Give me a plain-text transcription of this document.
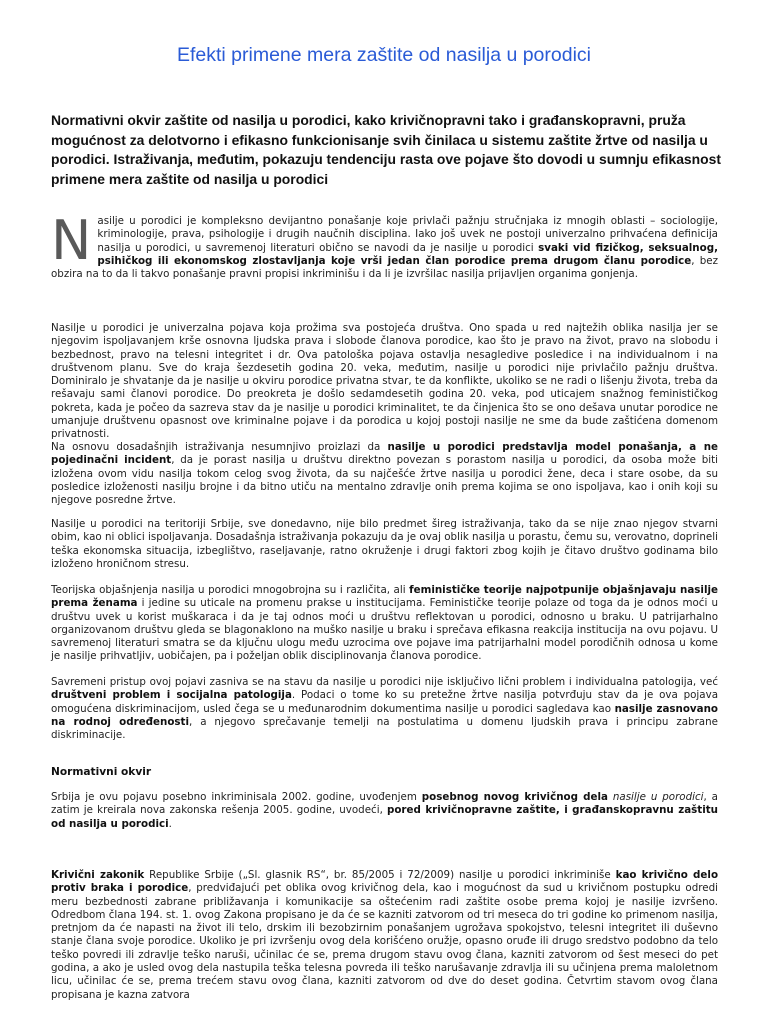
Efekti primene mera zaštite od nasilja u porodici

Normativni okvir zaštite od nasilja u porodici, kako krivičnopravni tako i građanskopravni, pruža mogućnost za delotvorno i efikasno funkcionisanje svih činilaca u sistemu zaštite žrtve od nasilja u porodici. Istraživanja, međutim, pokazuju tendenciju rasta ove pojave što dovodi u sumnju efikasnost primene mera zaštite od nasilja u porodici

Nasilje u porodici je kompleksno devijantno ponašanje koje privlači pažnju stručnjaka iz mnogih oblasti – sociologije, kriminologije, prava, psihologije i drugih naučnih disciplina. Iako još uvek ne postoji univerzalno prihvaćena definicija nasilja u porodici, u savremenoj literaturi obično se navodi da je nasilje u porodici svaki vid fizičkog, seksualnog, psihičkog ili ekonomskog zlostavljanja koje vrši jedan član porodice prema drugom članu porodice, bez obzira na to da li takvo ponašanje pravni propisi inkriminišu i da li je izvršilac nasilja prijavljen organima gonjenja.

Nasilje u porodici je univerzalna pojava koja prožima sva postojeća društva. Ono spada u red najtežih oblika nasilja jer se njegovim ispoljavanjem krše osnovna ljudska prava i slobode članova porodice, kao što je pravo na život, pravo na slobodu i bezbednost, pravo na telesni integritet i dr. Ova patološka pojava ostavlja nesagledive posledice i na individualnom i na društvenom planu. Sve do kraja šezdesetih godina 20. veka, međutim, nasilje u porodici nije privlačilo pažnju društva. Dominiralo je shvatanje da je nasilje u okviru porodice privatna stvar, te da konflikte, ukoliko se ne radi o lišenju života, treba da rešavaju sami članovi porodice. Do preokreta je došlo sedamdesetih godina 20. veka, pod uticajem snažnog feminističkog pokreta, kada je počeo da sazreva stav da je nasilje u porodici kriminalitet, te da činjenica što se ono dešava unutar porodice ne umanjuje društvenu opasnost ove kriminalne pojave i da porodica u kojoj postoji nasilje ne sme da bude zaštićena domenom privatnosti.

Na osnovu dosadašnjih istraživanja nesumnjivo proizlazi da nasilje u porodici predstavlja model ponašanja, a ne pojedinačni incident, da je porast nasilja u društvu direktno povezan s porastom nasilja u porodici, da osoba može biti izložena ovom vidu nasilja tokom celog svog života, da su najčešće žrtve nasilja u porodici žene, deca i stare osobe, da su posledice izloženosti nasilju brojne i da bitno utiču na mentalno zdravlje onih prema kojima se ono ispoljava, kao i onih koji su njegove posredne žrtve.

Nasilje u porodici na teritoriji Srbije, sve donedavno, nije bilo predmet šireg istraživanja, tako da se nije znao njegov stvarni obim, kao ni oblici ispoljavanja. Dosadašnja istraživanja pokazuju da je ovaj oblik nasilja u porastu, čemu su, verovatno, doprineli teška ekonomska situacija, izbeglištvo, raseljavanje, ratno okruženje i drugi faktori zbog kojih je čitavo društvo godinama bilo izloženo hroničnom stresu.

Teorijska objašnjenja nasilja u porodici mnogobrojna su i različita, ali feminističke teorije najpotpunije objašnjavaju nasilje prema ženama i jedine su uticale na promenu prakse u institucijama. Feminističke teorije polaze od toga da je odnos moći u društvu uvek u korist muškaraca i da je taj odnos moći u društvu reflektovan u porodici, odnosno u braku. U patrijarhalno organizovanom društvu gleda se blagonaklono na muško nasilje u braku i sprečava efikasna reakcija institucija na ovu pojavu. U savremenoj literaturi smatra se da ključnu ulogu među uzrocima ove pojave ima patrijarhalni model porodičnih odnosa u kome je nasilje prihvatljiv, uobičajen, pa i poželjan oblik disciplinovanja članova porodice.

Savremeni pristup ovoj pojavi zasniva se na stavu da nasilje u porodici nije isključivo lični problem i individualna patologija, već društveni problem i socijalna patologija. Podaci o tome ko su pretežne žrtve nasilja potvrđuju stav da je ova pojava omogućena diskriminacijom, usled čega se u međunarodnim dokumentima nasilje u porodici sagledava kao nasilje zasnovano na rodnoj određenosti, a njegovo sprečavanje temelji na postulatima u domenu ljudskih prava i principu zabrane diskriminacije.

Normativni okvir

Srbija je ovu pojavu posebno inkriminisala 2002. godine, uvođenjem posebnog novog krivičnog dela nasilje u porodici, a zatim je kreirala nova zakonska rešenja 2005. godine, uvodeći, pored krivičnopravne zaštite, i građanskopravnu zaštitu od nasilja u porodici.

Krivični zakonik Republike Srbije („Sl. glasnik RS“, br. 85/2005 i 72/2009) nasilje u porodici inkriminiše kao krivično delo protiv braka i porodice, predviđajući pet oblika ovog krivičnog dela, kao i mogućnost da sud u krivičnom postupku odredi meru bezbednosti zabrane približavanja i komunikacije sa oštećenim radi zaštite osobe prema kojoj je nasilje izvršeno. Odredbom člana 194. st. 1. ovog Zakona propisano je da će se kazniti zatvorom od tri meseca do tri godine ko primenom nasilja, pretnjom da će napasti na život ili telo, drskim ili bezobzirnim ponašanjem ugrožava spokojstvo, telesni integritet ili duševno stanje člana svoje porodice. Ukoliko je pri izvršenju ovog dela korišćeno oružje, opasno oruđe ili drugo sredstvo podobno da telo teško povredi ili zdravlje teško naruši, učinilac će se, prema drugom stavu ovog člana, kazniti zatvorom od šest meseci do pet godina, a ako je usled ovog dela nastupila teška telesna povreda ili teško narušavanje zdravlja ili su učinjena prema maloletnom licu, učinilac će se, prema trećem stavu ovog člana, kazniti zatvorom od dve do deset godina. Četvrtim stavom ovog člana propisana je kazna zatvora
